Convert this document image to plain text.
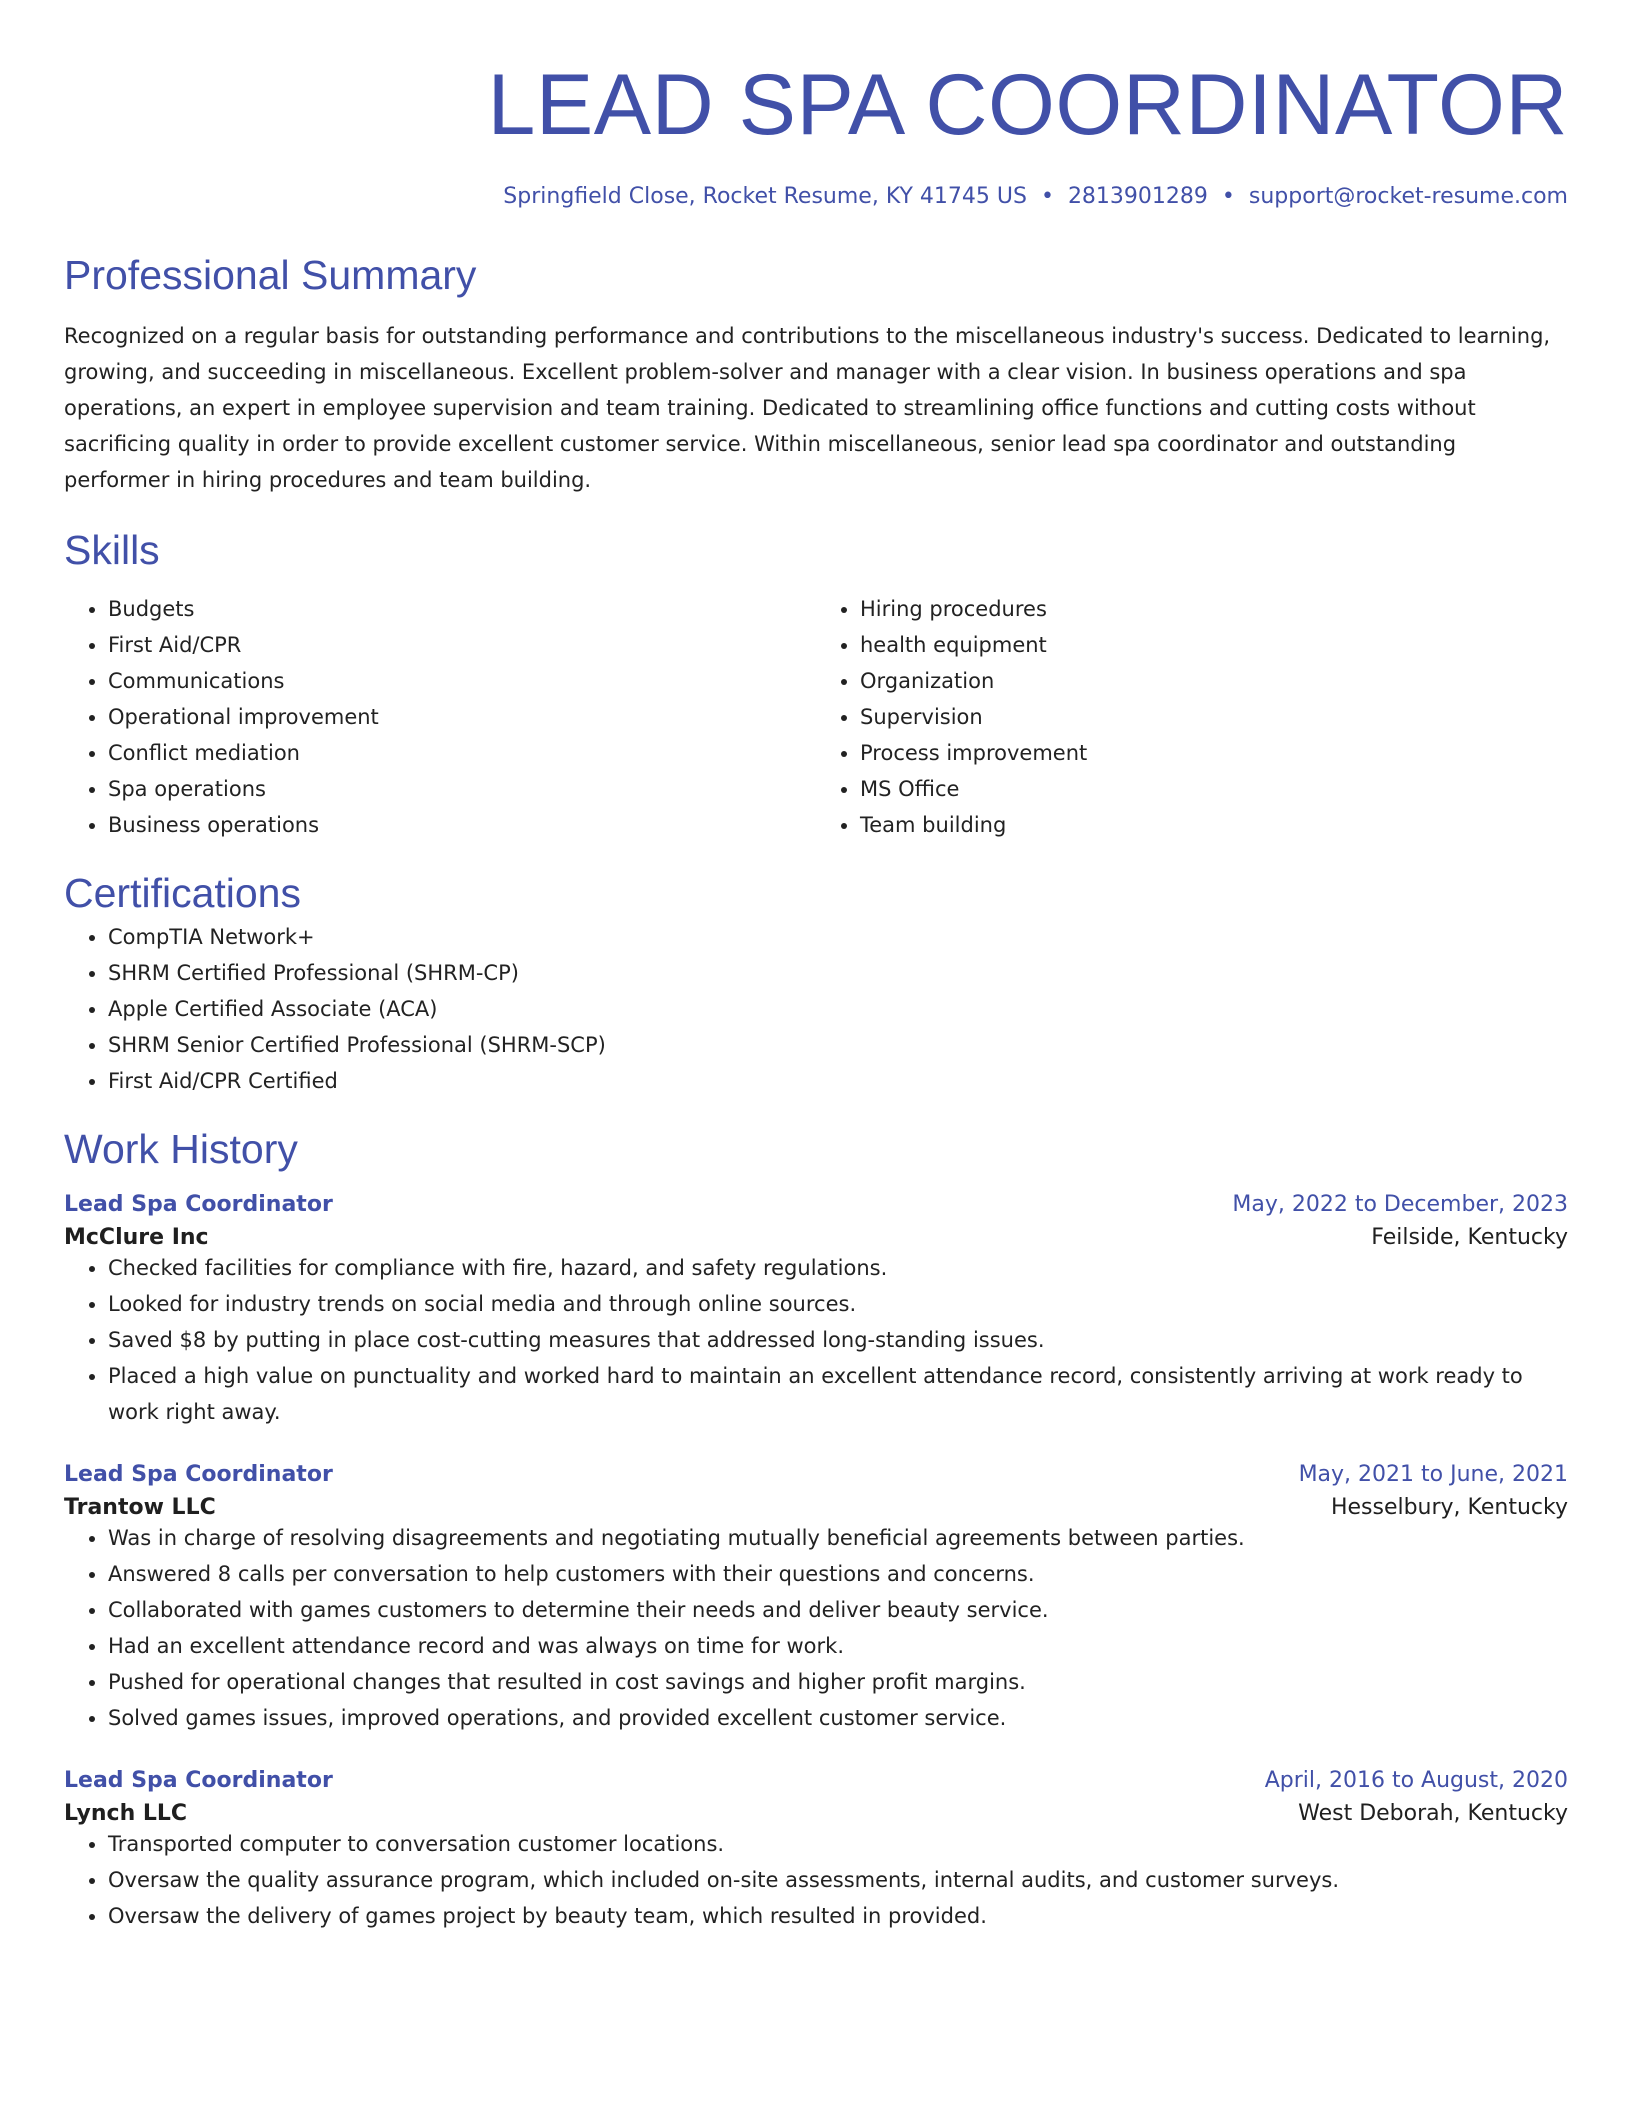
LEAD SPA COORDINATOR
Springfield Close, Rocket Resume, KY 41745 US • 2813901289 • support@rocket-resume.com
Professional Summary
Recognized on a regular basis for outstanding performance and contributions to the miscellaneous industry's success. Dedicated to learning, growing, and succeeding in miscellaneous. Excellent problem-solver and manager with a clear vision. In business operations and spa operations, an expert in employee supervision and team training. Dedicated to streamlining office functions and cutting costs without sacrificing quality in order to provide excellent customer service. Within miscellaneous, senior lead spa coordinator and outstanding performer in hiring procedures and team building.
Skills
• Budgets
• First Aid/CPR
• Communications
• Operational improvement
• Conflict mediation
• Spa operations
• Business operations
• Hiring procedures
• health equipment
• Organization
• Supervision
• Process improvement
• MS Office
• Team building
Certifications
• CompTIA Network+
• SHRM Certified Professional (SHRM-CP)
• Apple Certified Associate (ACA)
• SHRM Senior Certified Professional (SHRM-SCP)
• First Aid/CPR Certified
Work History
Lead Spa Coordinator	May, 2022 to December, 2023
McClure Inc	Feilside, Kentucky
• Checked facilities for compliance with fire, hazard, and safety regulations.
• Looked for industry trends on social media and through online sources.
• Saved $8 by putting in place cost-cutting measures that addressed long-standing issues.
• Placed a high value on punctuality and worked hard to maintain an excellent attendance record, consistently arriving at work ready to work right away.
Lead Spa Coordinator	May, 2021 to June, 2021
Trantow LLC	Hesselbury, Kentucky
• Was in charge of resolving disagreements and negotiating mutually beneficial agreements between parties.
• Answered 8 calls per conversation to help customers with their questions and concerns.
• Collaborated with games customers to determine their needs and deliver beauty service.
• Had an excellent attendance record and was always on time for work.
• Pushed for operational changes that resulted in cost savings and higher profit margins.
• Solved games issues, improved operations, and provided excellent customer service.
Lead Spa Coordinator	April, 2016 to August, 2020
Lynch LLC	West Deborah, Kentucky
• Transported computer to conversation customer locations.
• Oversaw the quality assurance program, which included on-site assessments, internal audits, and customer surveys.
• Oversaw the delivery of games project by beauty team, which resulted in provided.
